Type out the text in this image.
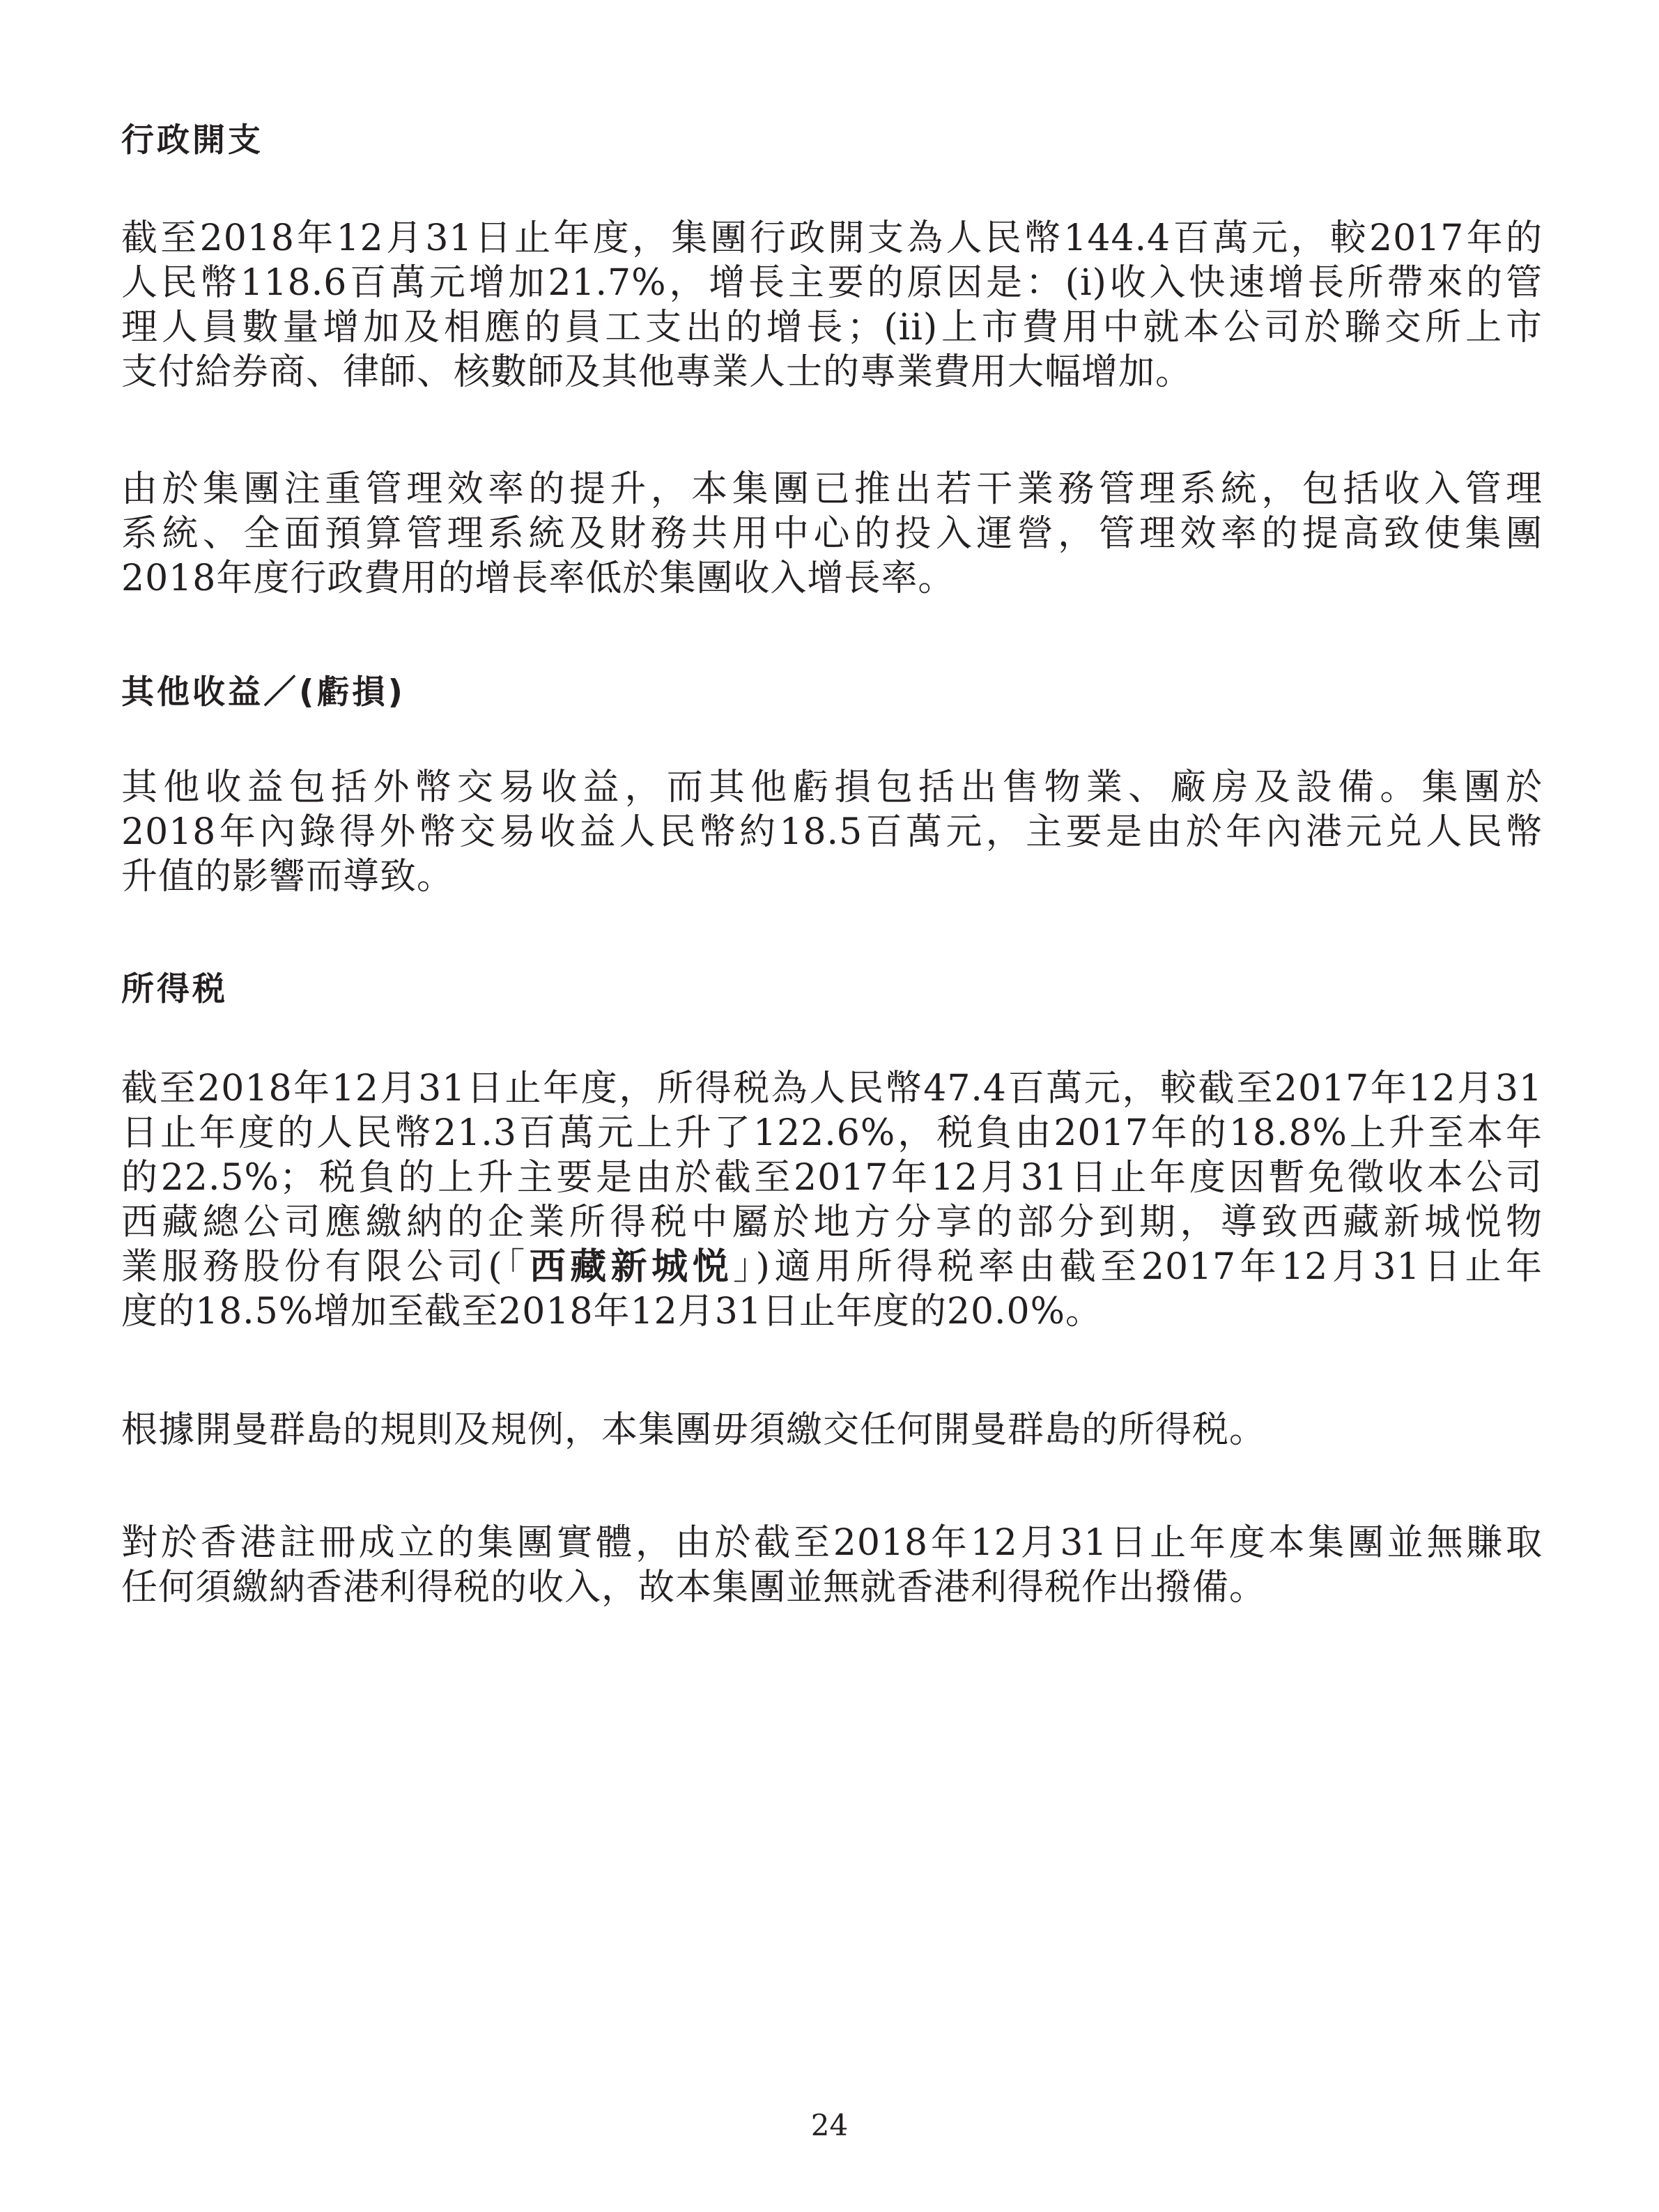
行政開支

截至2018年12月31日止年度，集團行政開支為人民幣144.4百萬元，較2017年的
人民幣118.6百萬元增加21.7%，增長主要的原因是：(i)收入快速增長所帶來的管
理人員數量增加及相應的員工支出的增長；(ii)上市費用中就本公司於聯交所上市
支付給券商、律師、核數師及其他專業人士的專業費用大幅增加。

由於集團注重管理效率的提升，本集團已推出若干業務管理系統，包括收入管理
系統、全面預算管理系統及財務共用中心的投入運營，管理效率的提高致使集團
2018年度行政費用的增長率低於集團收入增長率。

其他收益／(虧損)

其他收益包括外幣交易收益，而其他虧損包括出售物業、廠房及設備。集團於
2018年內錄得外幣交易收益人民幣約18.5百萬元，主要是由於年內港元兑人民幣
升值的影響而導致。

所得税

截至2018年12月31日止年度，所得税為人民幣47.4百萬元，較截至2017年12月31
日止年度的人民幣21.3百萬元上升了122.6%，税負由2017年的18.8%上升至本年
的22.5%；税負的上升主要是由於截至2017年12月31日止年度因暫免徵收本公司
西藏總公司應繳納的企業所得税中屬於地方分享的部分到期，導致西藏新城悦物
業服務股份有限公司(「西藏新城悦」)適用所得税率由截至2017年12月31日止年
度的18.5%增加至截至2018年12月31日止年度的20.0%。

根據開曼群島的規則及規例，本集團毋須繳交任何開曼群島的所得税。

對於香港註冊成立的集團實體，由於截至2018年12月31日止年度本集團並無賺取
任何須繳納香港利得税的收入，故本集團並無就香港利得税作出撥備。

24
